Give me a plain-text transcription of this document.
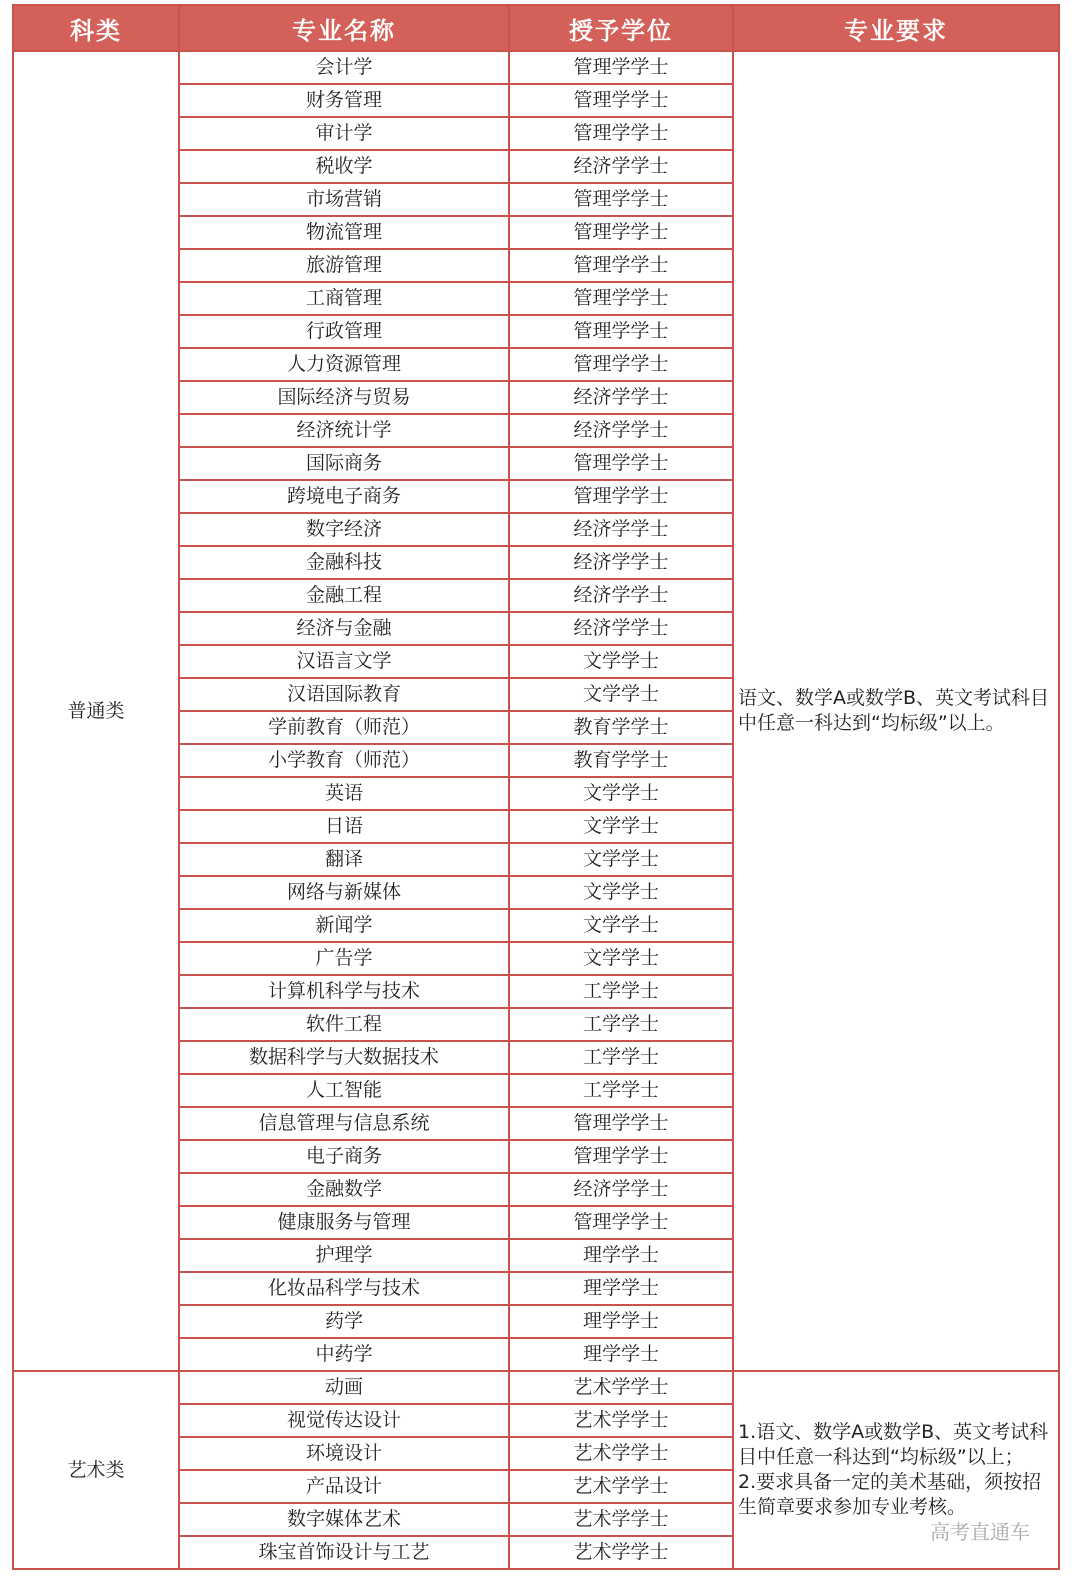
科类	专业名称	授予学位	专业要求
普通类	会计学	管理学学士	语文、数学A或数学B、英文考试科目中任意一科达到“均标级”以上。
	财务管理	管理学学士	
	审计学	管理学学士	
	税收学	经济学学士	
	市场营销	管理学学士	
	物流管理	管理学学士	
	旅游管理	管理学学士	
	工商管理	管理学学士	
	行政管理	管理学学士	
	人力资源管理	管理学学士	
	国际经济与贸易	经济学学士	
	经济统计学	经济学学士	
	国际商务	管理学学士	
	跨境电子商务	管理学学士	
	数字经济	经济学学士	
	金融科技	经济学学士	
	金融工程	经济学学士	
	经济与金融	经济学学士	
	汉语言文学	文学学士	
	汉语国际教育	文学学士	
	学前教育（师范）	教育学学士	
	小学教育（师范）	教育学学士	
	英语	文学学士	
	日语	文学学士	
	翻译	文学学士	
	网络与新媒体	文学学士	
	新闻学	文学学士	
	广告学	文学学士	
	计算机科学与技术	工学学士	
	软件工程	工学学士	
	数据科学与大数据技术	工学学士	
	人工智能	工学学士	
	信息管理与信息系统	管理学学士	
	电子商务	管理学学士	
	金融数学	经济学学士	
	健康服务与管理	管理学学士	
	护理学	理学学士	
	化妆品科学与技术	理学学士	
	药学	理学学士	
	中药学	理学学士	
艺术类	动画	艺术学学士	1.语文、数学A或数学B、英文考试科目中任意一科达到“均标级”以上；
2.要求具备一定的美术基础，须按招生简章要求参加专业考核。
	视觉传达设计	艺术学学士	
	环境设计	艺术学学士	
	产品设计	艺术学学士	
	数字媒体艺术	艺术学学士	
	珠宝首饰设计与工艺	艺术学学士	
高考直通车
